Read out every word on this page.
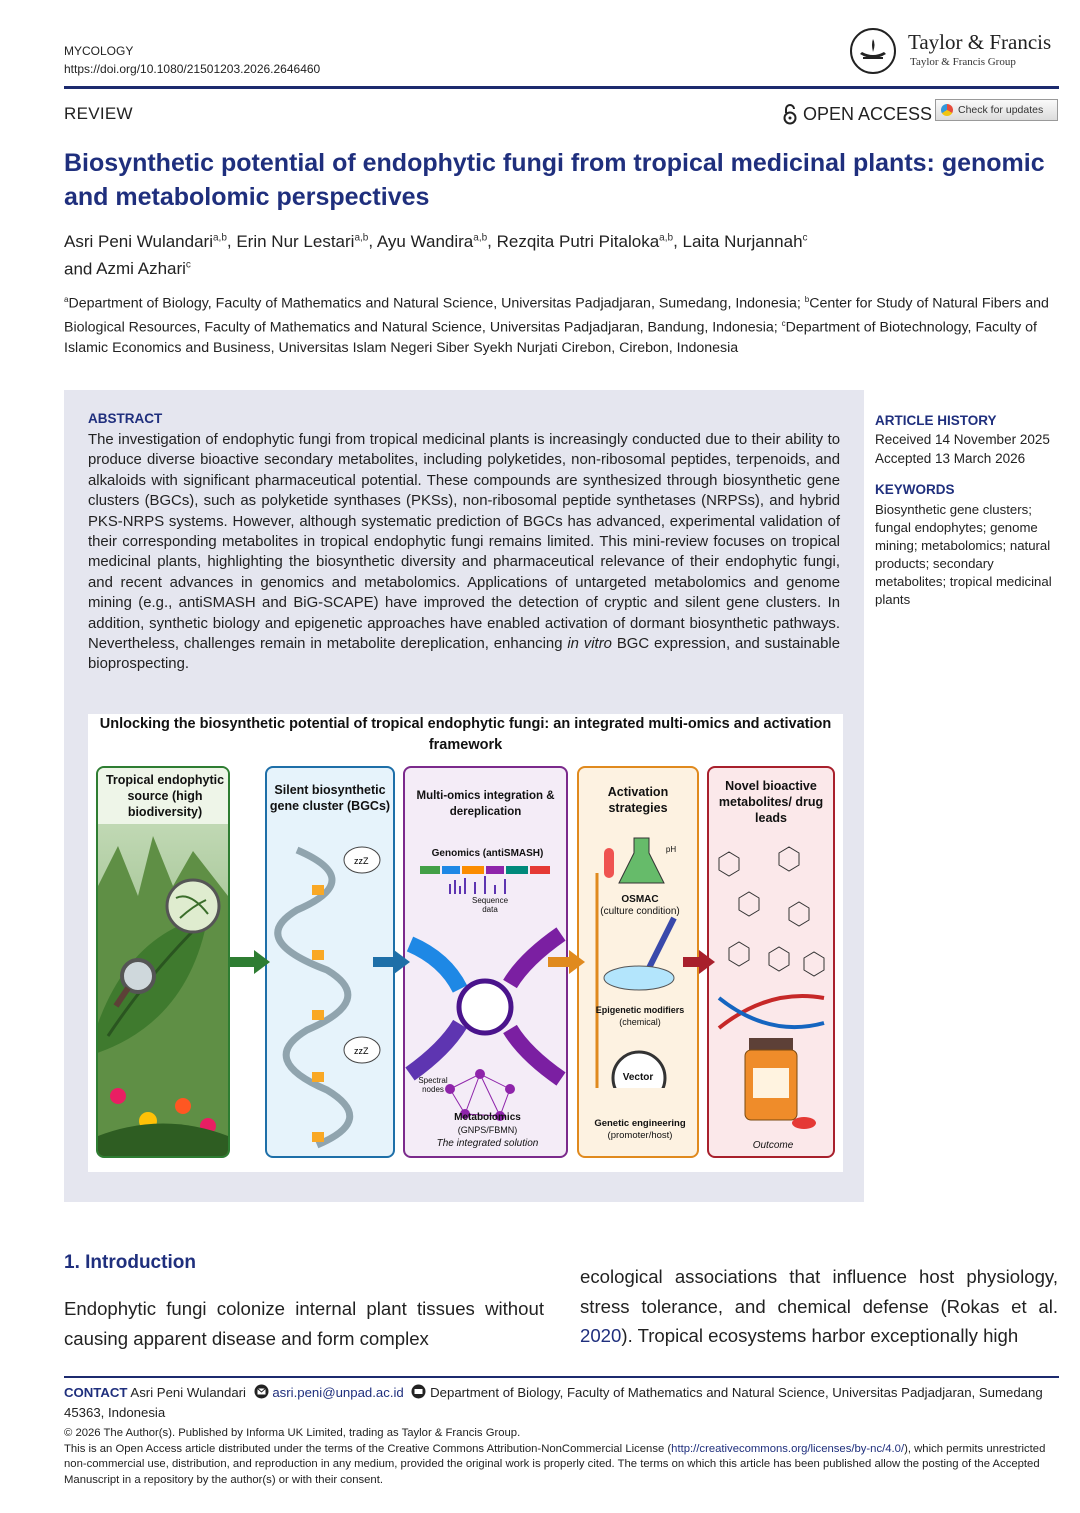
MYCOLOGY
https://doi.org/10.1080/21501203.2026.2646460
Taylor & Francis
Taylor & Francis Group
REVIEW	OPEN ACCESS Check for updates
Biosynthetic potential of endophytic fungi from tropical medicinal plants: genomic and metabolomic perspectives
Asri Peni Wulandari$^{a,b}$, Erin Nur Lestari$^{a,b}$, Ayu Wandira$^{a,b}$, Rezqita Putri Pitaloka$^{a,b}$, Laita Nurjannah$^c$
and Azmi Azhari$^c$
$^a$Department of Biology, Faculty of Mathematics and Natural Science, Universitas Padjadjaran, Sumedang, Indonesia; $^b$Center for Study of Natural Fibers and Biological Resources, Faculty of Mathematics and Natural Science, Universitas Padjadjaran, Bandung, Indonesia; $^c$Department of Biotechnology, Faculty of Islamic Economics and Business, Universitas Islam Negeri Siber Syekh Nurjati Cirebon, Cirebon, Indonesia
ABSTRACT
The investigation of endophytic fungi from tropical medicinal plants is increasingly conducted due to their ability to produce diverse bioactive secondary metabolites, including polyketides, non-ribosomal peptides, terpenoids, and alkaloids with significant pharmaceutical potential. These compounds are synthesized through biosynthetic gene clusters (BGCs), such as polyketide synthases (PKSs), non-ribosomal peptide synthetases (NRPSs), and hybrid PKS-NRPS systems. However, although systematic prediction of BGCs has advanced, experimental validation of their corresponding metabolites in tropical endophytic fungi remains limited. This mini-review focuses on tropical medicinal plants, highlighting the biosynthetic diversity and pharmaceutical relevance of their endophytic fungi, and recent advances in genomics and metabolomics. Applications of untargeted metabolomics and genome mining (e.g., antiSMASH and BiG-SCAPE) have improved the detection of cryptic and silent gene clusters. In addition, synthetic biology and epigenetic approaches have enabled activation of dormant biosynthetic pathways. Nevertheless, challenges remain in metabolite dereplication, enhancing in vitro BGC expression, and sustainable bioprospecting.
ARTICLE HISTORY
Received 14 November 2025
Accepted 13 March 2026
KEYWORDS
Biosynthetic gene clusters; fungal endophytes; genome mining; metabolomics; natural products; secondary metabolites; tropical medicinal plants
Unlocking the biosynthetic potential of tropical endophytic fungi: an integrated multi-omics and activation framework
Tropical endophytic source (high biodiversity)
Silent biosynthetic gene cluster (BGCs)
zzZ
zzZ
Multi-omics integration & dereplication
Genomics (antiSMASH)
Sequence data
Spectral nodes
Metabolomics
(GNPS/FBMN)
The integrated solution
Activation strategies
pH
OSMAC
(culture condition)
Epigenetic modifiers
(chemical)
Vector
Genetic engineering
(promoter/host)
Novel bioactive metabolites/ drug leads
Outcome
1. Introduction
Endophytic fungi colonize internal plant tissues without causing apparent disease and form complex
ecological associations that influence host physiology, stress tolerance, and chemical defense (Rokas et al. 2020). Tropical ecosystems harbor exceptionally high
CONTACT Asri Peni Wulandari asri.peni@unpad.ac.id Department of Biology, Faculty of Mathematics and Natural Science, Universitas Padjadjaran, Sumedang 45363, Indonesia
© 2026 The Author(s). Published by Informa UK Limited, trading as Taylor & Francis Group.
This is an Open Access article distributed under the terms of the Creative Commons Attribution-NonCommercial License (http://creativecommons.org/licenses/by-nc/4.0/), which permits unrestricted non-commercial use, distribution, and reproduction in any medium, provided the original work is properly cited. The terms on which this article has been published allow the posting of the Accepted Manuscript in a repository by the author(s) or with their consent.
